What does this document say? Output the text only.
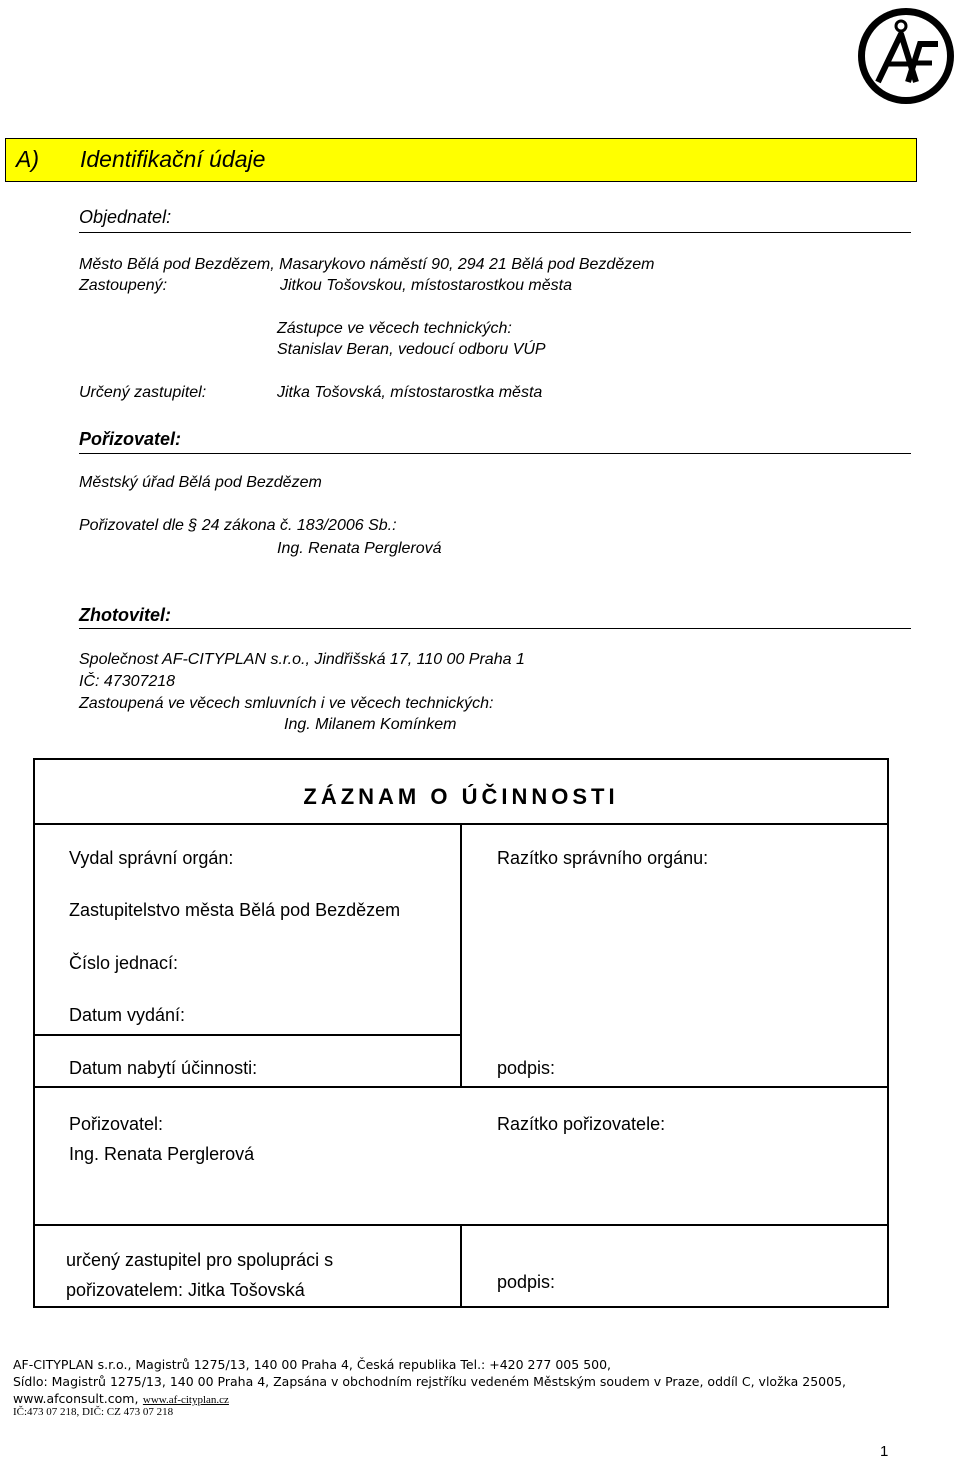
A) Identifikační údaje
Objednatel:
Město Bělá pod Bezdězem, Masarykovo náměstí 90, 294 21 Bělá pod Bezdězem
Zastoupený:	Jitkou Tošovskou, místostarostkou města
Zástupce ve věcech technických:
Stanislav Beran, vedoucí odboru VÚP
Určený zastupitel:	Jitka Tošovská, místostarostka města
Pořizovatel:
Městský úřad Bělá pod Bezdězem
Pořizovatel dle § 24 zákona č. 183/2006 Sb.:
Ing. Renata Perglerová
Zhotovitel:
Společnost AF-CITYPLAN s.r.o., Jindřišská 17, 110 00 Praha 1
IČ: 47307218
Zastoupená ve věcech smluvních i ve věcech technických:
Ing. Milanem Komínkem
ZÁZNAM O ÚČINNOSTI
Vydal správní orgán:	Razítko správního orgánu:
Zastupitelstvo města Bělá pod Bezdězem
Číslo jednací:
Datum vydání:
Datum nabytí účinnosti:	podpis:
Pořizovatel:
Ing. Renata Perglerová
Razítko pořizovatele:
určený zastupitel pro spolupráci s
pořizovatelem: Jitka Tošovská	podpis:
AF-CITYPLAN s.r.o., Magistrů 1275/13, 140 00 Praha 4, Česká republika Tel.: +420 277 005 500,
Sídlo: Magistrů 1275/13, 140 00 Praha 4, Zapsána v obchodním rejstříku vedeném Městským soudem v Praze, oddíl C, vložka 25005,
www.afconsult.com, www.af-cityplan.cz
IČ:473 07 218, DIČ: CZ 473 07 218
1
